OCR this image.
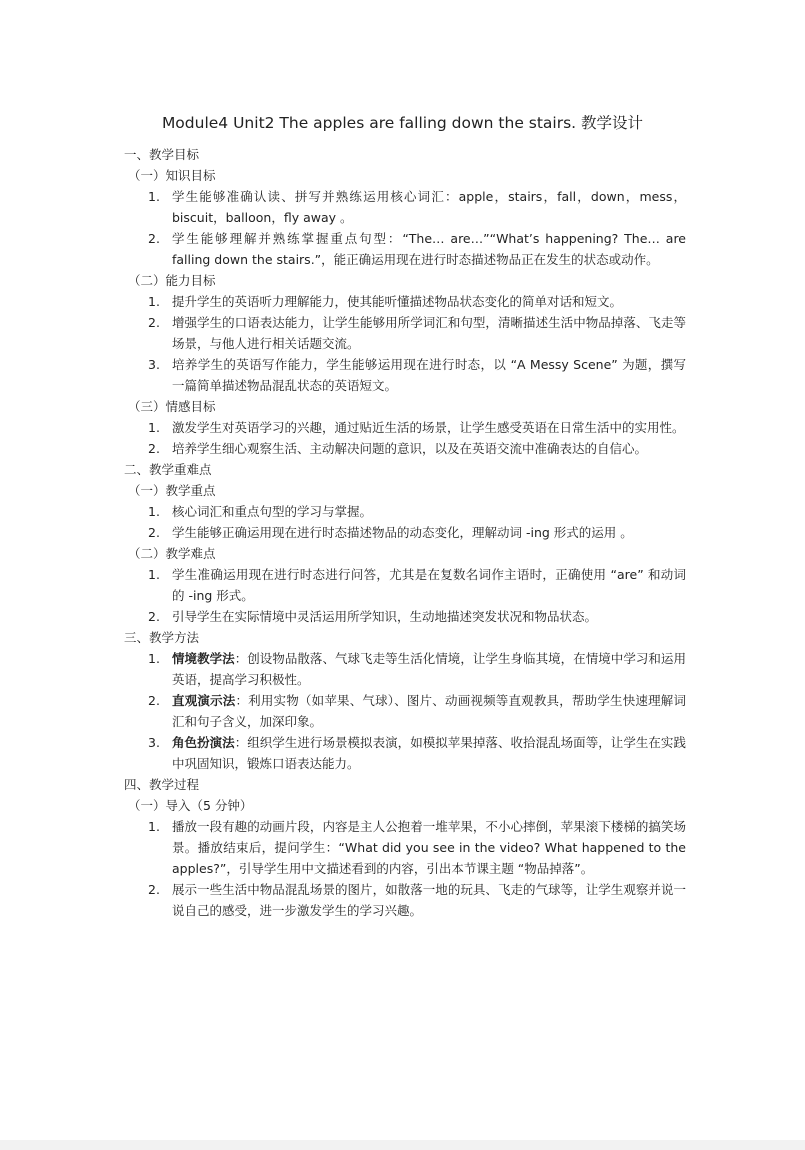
Module4 Unit2 The apples are falling down the stairs. 教学设计
一、教学目标
（一）知识目标
1. 学生能够准确认读、拼写并熟练运用核心词汇：apple，stairs，fall，down，mess，biscuit，balloon，fly away 。
2. 学生能够理解并熟练掌握重点句型：“The… are…”“What’s happening? The… are falling down the stairs.”，能正确运用现在进行时态描述物品正在发生的状态或动作。
（二）能力目标
1. 提升学生的英语听力理解能力，使其能听懂描述物品状态变化的简单对话和短文。
2. 增强学生的口语表达能力，让学生能够用所学词汇和句型，清晰描述生活中物品掉落、飞走等场景，与他人进行相关话题交流。
3. 培养学生的英语写作能力，学生能够运用现在进行时态，以 “A Messy Scene” 为题，撰写一篇简单描述物品混乱状态的英语短文。
（三）情感目标
1. 激发学生对英语学习的兴趣，通过贴近生活的场景，让学生感受英语在日常生活中的实用性。
2. 培养学生细心观察生活、主动解决问题的意识，以及在英语交流中准确表达的自信心。
二、教学重难点
（一）教学重点
1. 核心词汇和重点句型的学习与掌握。
2. 学生能够正确运用现在进行时态描述物品的动态变化，理解动词 -ing 形式的运用 。
（二）教学难点
1. 学生准确运用现在进行时态进行问答，尤其是在复数名词作主语时，正确使用 “are” 和动词的 -ing 形式。
2. 引导学生在实际情境中灵活运用所学知识，生动地描述突发状况和物品状态。
三、教学方法
1. 情境教学法：创设物品散落、气球飞走等生活化情境，让学生身临其境，在情境中学习和运用英语，提高学习积极性。
2. 直观演示法：利用实物（如苹果、气球）、图片、动画视频等直观教具，帮助学生快速理解词汇和句子含义，加深印象。
3. 角色扮演法：组织学生进行场景模拟表演，如模拟苹果掉落、收拾混乱场面等，让学生在实践中巩固知识，锻炼口语表达能力。
四、教学过程
（一）导入（5 分钟）
1. 播放一段有趣的动画片段，内容是主人公抱着一堆苹果，不小心摔倒，苹果滚下楼梯的搞笑场景。播放结束后，提问学生：“What did you see in the video? What happened to the apples?”，引导学生用中文描述看到的内容，引出本节课主题 “物品掉落”。
2. 展示一些生活中物品混乱场景的图片，如散落一地的玩具、飞走的气球等，让学生观察并说一说自己的感受，进一步激发学生的学习兴趣。
